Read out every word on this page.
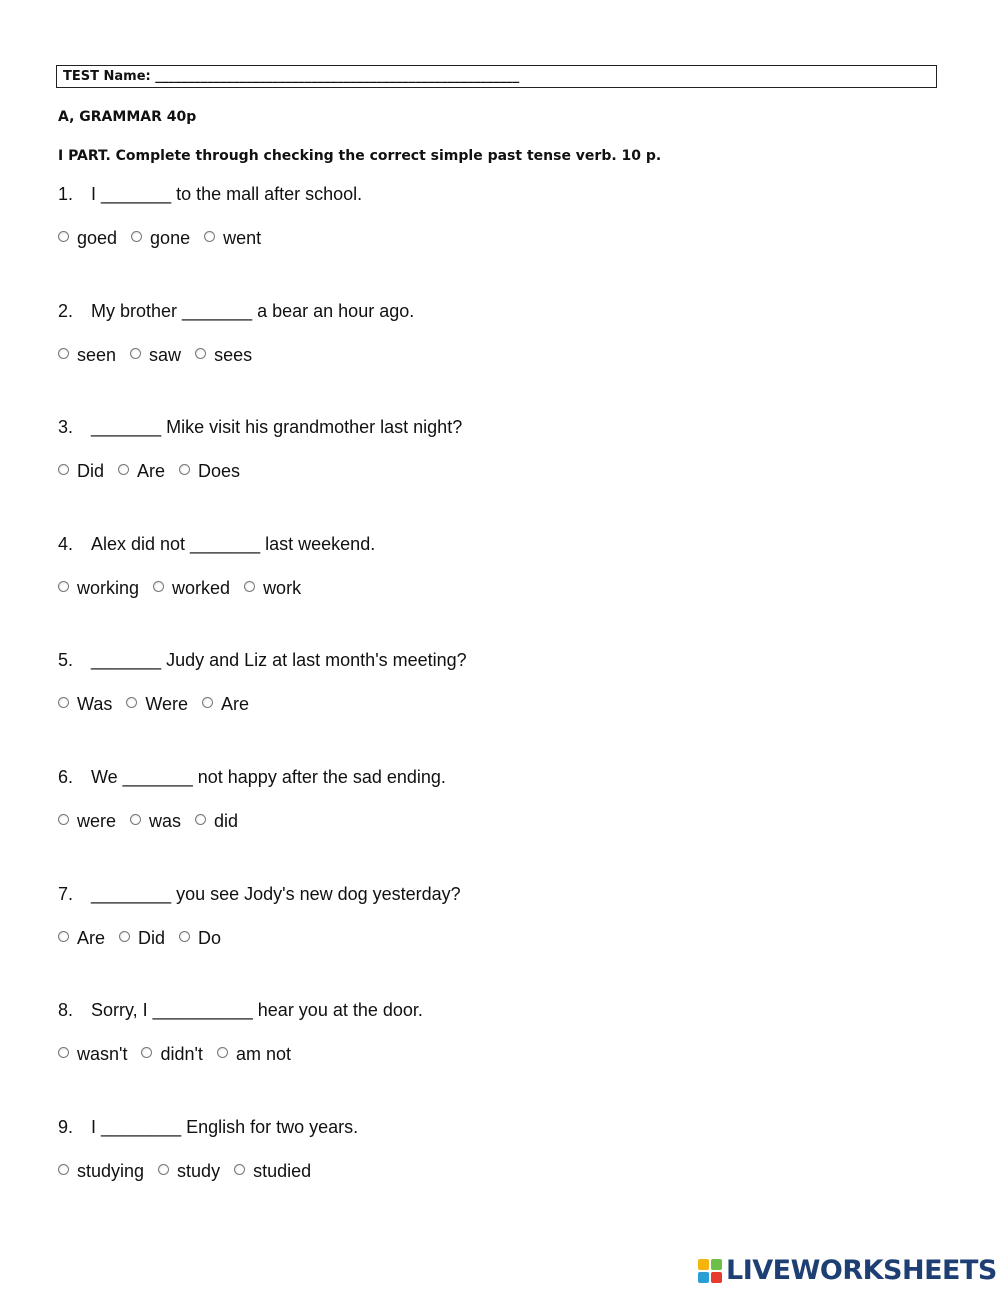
TEST Name: ________________________________________________________
A, GRAMMAR 40p
I PART. Complete through checking the correct simple past tense verb. 10 p.
1. I _______ to the mall after school.
goed gone went
2. My brother _______ a bear an hour ago.
seen saw sees
3. _______ Mike visit his grandmother last night?
Did Are Does
4. Alex did not _______ last weekend.
working worked work
5. _______ Judy and Liz at last month's meeting?
Was Were Are
6. We _______ not happy after the sad ending.
were was did
7. ________ you see Jody's new dog yesterday?
Are Did Do
8. Sorry, I __________ hear you at the door.
wasn't didn't am not
9. I ________ English for two years.
studying study studied
LIVEWORKSHEETS
